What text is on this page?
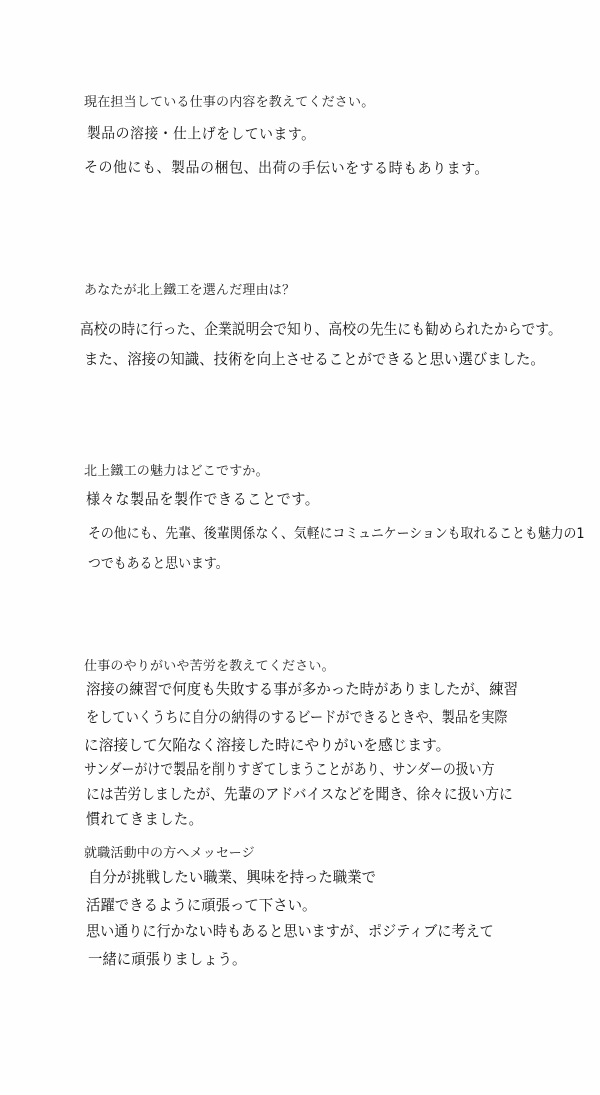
現在担当している仕事の内容を教えてください。
製品の溶接・仕上げをしています。
その他にも、製品の梱包、出荷の手伝いをする時もあります。
あなたが北上鐵工を選んだ理由は？
高校の時に行った、企業説明会で知り、高校の先生にも勧められたからです。
また、溶接の知識、技術を向上させることができると思い選びました。
北上鐵工の魅力はどこですか。
様々な製品を製作できることです。
その他にも、先輩、後輩関係なく、気軽にコミュニケーションも取れることも魅力の1つでもあると思います。
仕事のやりがいや苦労を教えてください。
溶接の練習で何度も失敗する事が多かった時がありましたが、練習
をしていくうちに自分の納得のするビードができるときや、製品を実際
に溶接して欠陥なく溶接した時にやりがいを感じます。
サンダーがけで製品を削りすぎてしまうことがあり、サンダーの扱い方
には苦労しましたが、先輩のアドバイスなどを聞き、徐々に扱い方に
慣れてきました。
就職活動中の方へメッセージ
自分が挑戦したい職業、興味を持った職業で
活躍できるように頑張って下さい。
思い通りに行かない時もあると思いますが、ポジティブに考えて
一緒に頑張りましょう。
